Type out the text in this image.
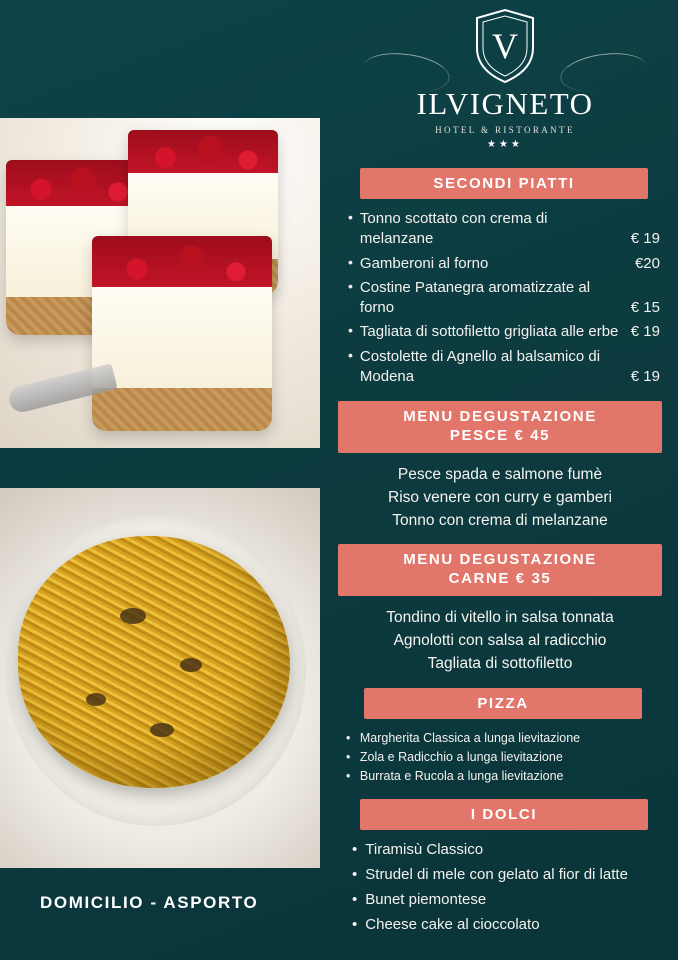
V
ILVIGNETO
HOTEL & RISTORANTE
★★★
SECONDI PIATTI
• Tonno scottato con crema di melanzane	€ 19
• Gamberoni al forno	€20
• Costine Patanegra aromatizzate al forno	€ 15
• Tagliata di sottofiletto grigliata alle erbe € 19
• Costolette di Agnello al balsamico di Modena	€ 19
MENU DEGUSTAZIONE
PESCE € 45
Pesce spada e salmone fumè
Riso venere con curry e gamberi
Tonno con crema di melanzane
MENU DEGUSTAZIONE
CARNE € 35
Tondino di vitello in salsa tonnata
Agnolotti con salsa al radicchio
Tagliata di sottofiletto
PIZZA
• Margherita Classica a lunga lievitazione
• Zola e Radicchio a lunga lievitazione
• Burrata e Rucola a lunga lievitazione
I DOLCI
• Tiramisù Classico
• Strudel di mele con gelato al fior di latte
• Bunet piemontese
• Cheese cake al cioccolato
DOMICILIO - ASPORTO
